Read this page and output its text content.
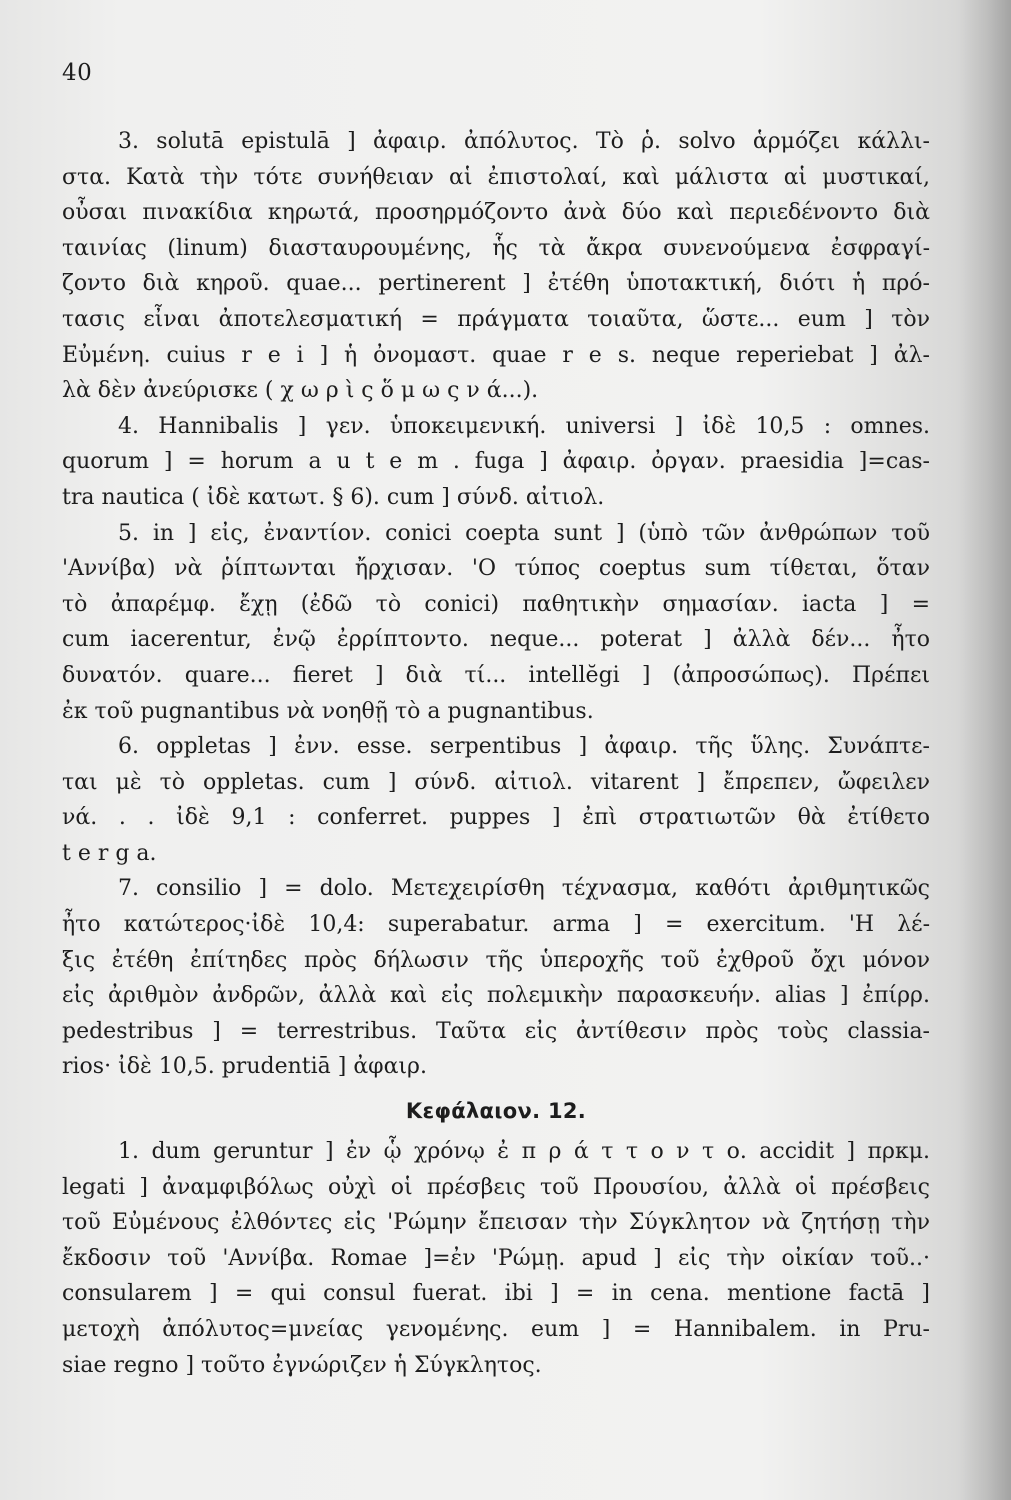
40
3. solutā epistulā ] ἀφαιρ. ἀπόλυτος. Τὸ ῥ. solvo ἁρμόζει κάλλι-
στα. Κατὰ τὴν τότε συνήθειαν αἱ ἐπιστολαί, καὶ μάλιστα αἱ μυστικαί,
οὖσαι πινακίδια κηρωτά, προσηρμόζοντο ἀνὰ δύο καὶ περιεδένοντο διὰ
ταινίας (linum) διασταυρουμένης, ἧς τὰ ἄκρα συνενούμενα ἐσφραγί-
ζοντο διὰ κηροῦ. quae... pertinerent ] ἐτέθη ὑποτακτική, διότι ἡ πρό-
τασις εἶναι ἀποτελεσματική = πράγματα τοιαῦτα, ὥστε... eum ] τὸν
Εὐμένη. cuius r e i ] ἡ ὀνομαστ. quae r e s. neque reperiebat ] ἀλ-
λὰ δὲν ἀνεύρισκε ( χ ω ρ ὶ ς ὅ μ ω ς ν ά...).
4. Hannibalis ] γεν. ὑποκειμενική. universi ] ἰδὲ 10,5 : omnes.
quorum ] = horum a u t e m . fuga ] ἀφαιρ. ὀργαν. praesidia ]=cas-
tra nautica ( ἰδὲ κατωτ. § 6). cum ] σύνδ. αἰτιολ.
5. in ] εἰς, ἐναντίον. conici coepta sunt ] (ὑπὸ τῶν ἀνθρώπων τοῦ
'Αννίβα) νὰ ῥίπτωνται ἤρχισαν. 'Ο τύπος coeptus sum τίθεται, ὅταν
τὸ ἀπαρέμφ. ἔχῃ (ἐδῶ τὸ conici) παθητικὴν σημασίαν. iacta ] =
cum iacerentur, ἐνῷ ἐρρίπτοντο. neque... poterat ] ἀλλὰ δέν... ἦτο
δυνατόν. quare... fieret ] διὰ τί... intellĕgi ] (ἀπροσώπως). Πρέπει
ἐκ τοῦ pugnantibus νὰ νοηθῇ τὸ a pugnantibus.
6. oppletas ] ἐνν. esse. serpentibus ] ἀφαιρ. τῆς ὕλης. Συνάπτε-
ται μὲ τὸ oppletas. cum ] σύνδ. αἰτιολ. vitarent ] ἔπρεπεν, ὤφειλεν
νά. . . ἰδὲ 9,1 : conferret. puppes ] ἐπὶ στρατιωτῶν θὰ ἐτίθετο
t e r g a.
7. consilio ] = dolo. Μετεχειρίσθη τέχνασμα, καθότι ἀριθμητικῶς
ἦτο κατώτερος·ἰδὲ 10,4: superabatur. arma ] = exercitum. 'Η λέ-
ξις ἐτέθη ἐπίτηδες πρὸς δήλωσιν τῆς ὑπεροχῆς τοῦ ἐχθροῦ ὄχι μόνον
εἰς ἀριθμὸν ἀνδρῶν, ἀλλὰ καὶ εἰς πολεμικὴν παρασκευήν. alias ] ἐπίρρ.
pedestribus ] = terrestribus. Ταῦτα εἰς ἀντίθεσιν πρὸς τοὺς classia-
rios· ἰδὲ 10,5. prudentiā ] ἀφαιρ.
Κεφάλαιον. 12.
1. dum geruntur ] ἐν ᾧ χρόνῳ ἐ π ρ ά τ τ ο ν τ ο. accidit ] πρκμ.
legati ] ἀναμφιβόλως οὐχὶ οἱ πρέσβεις τοῦ Προυσίου, ἀλλὰ οἱ πρέσβεις
τοῦ Εὐμένους ἐλθόντες εἰς 'Ρώμην ἔπεισαν τὴν Σύγκλητον νὰ ζητήσῃ τὴν
ἔκδοσιν τοῦ 'Αννίβα. Romae ]=ἐν 'Ρώμῃ. apud ] εἰς τὴν οἰκίαν τοῦ..·
consularem ] = qui consul fuerat. ibi ] = in cena. mentione factā ]
μετοχὴ ἀπόλυτος=μνείας γενομένης. eum ] = Hannibalem. in Pru-
siae regno ] τοῦτο ἐγνώριζεν ἡ Σύγκλητος.
